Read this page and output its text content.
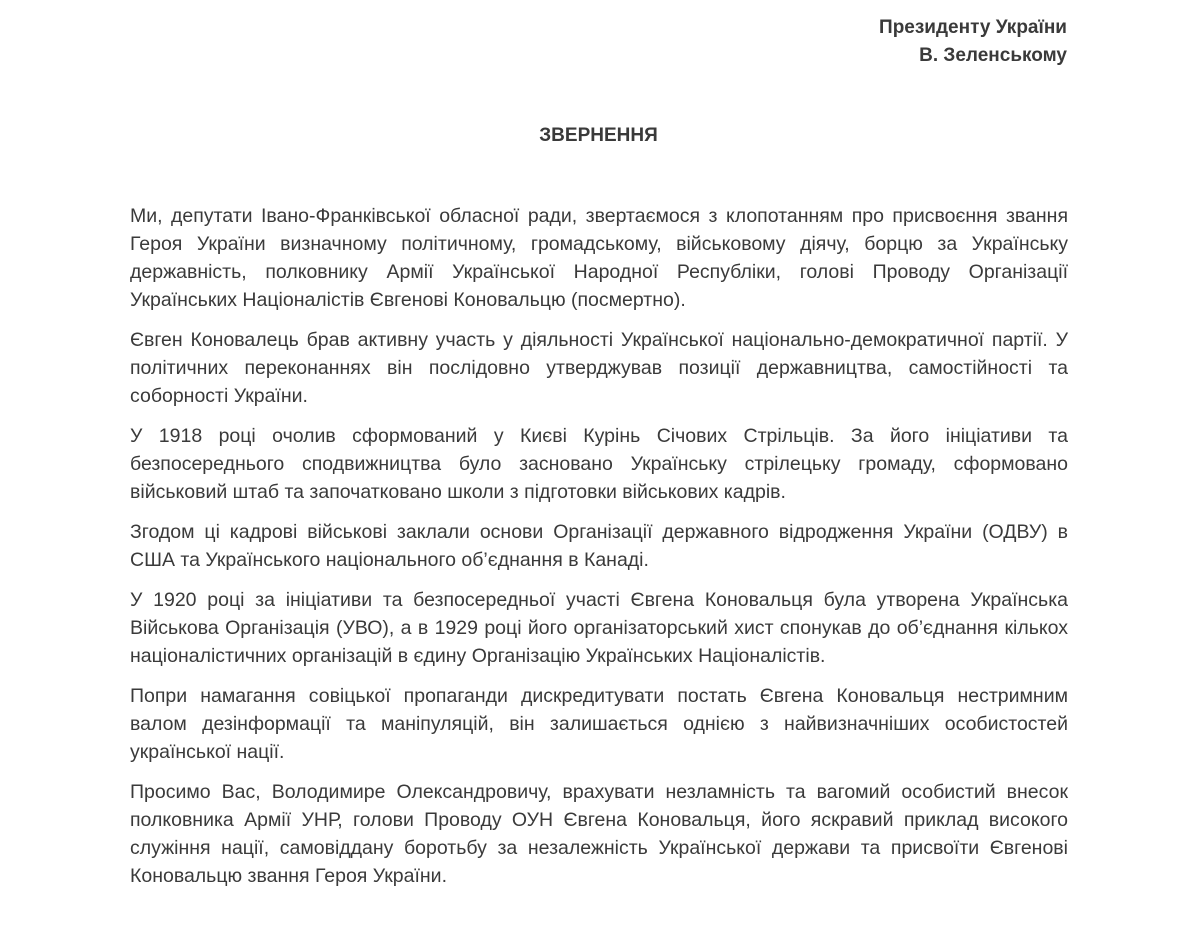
Президенту України
В. Зеленському
ЗВЕРНЕННЯ

Ми, депутати Івано-Франківської обласної ради, звертаємося з клопотанням про присвоєння звання Героя України визначному політичному, громадському, військовому діячу, борцю за Українську державність, полковнику Армії Української Народної Республіки, голові Проводу Організації Українських Націоналістів Євгенові Коновальцю (посмертно).

Євген Коновалець брав активну участь у діяльності Української національно-демократичної партії. У політичних переконаннях він послідовно утверджував позиції державництва, самостійності та соборності України.

У 1918 році очолив сформований у Києві Курінь Січових Стрільців. За його ініціативи та безпосереднього сподвижництва було засновано Українську стрілецьку громаду, сформовано військовий штаб та започатковано школи з підготовки військових кадрів.

Згодом ці кадрові військові заклали основи Організації державного відродження України (ОДВУ) в США та Українського національного об’єднання в Канаді.

У 1920 році за ініціативи та безпосередньої участі Євгена Коновальця була утворена Українська Військова Організація (УВО), а в 1929 році його організаторський хист спонукав до об’єднання кількох націоналістичних організацій в єдину Організацію Українських Націоналістів.

Попри намагання совіцької пропаганди дискредитувати постать Євгена Коновальця нестримним валом дезінформації та маніпуляцій, він залишається однією з найвизначніших особистостей української нації.

Просимо Вас, Володимире Олександровичу, врахувати незламність та вагомий особистий внесок полковника Армії УНР, голови Проводу ОУН Євгена Коновальця, його яскравий приклад високого служіння нації, самовіддану боротьбу за незалежність Української держави та присвоїти Євгенові Коновальцю звання Героя України.
